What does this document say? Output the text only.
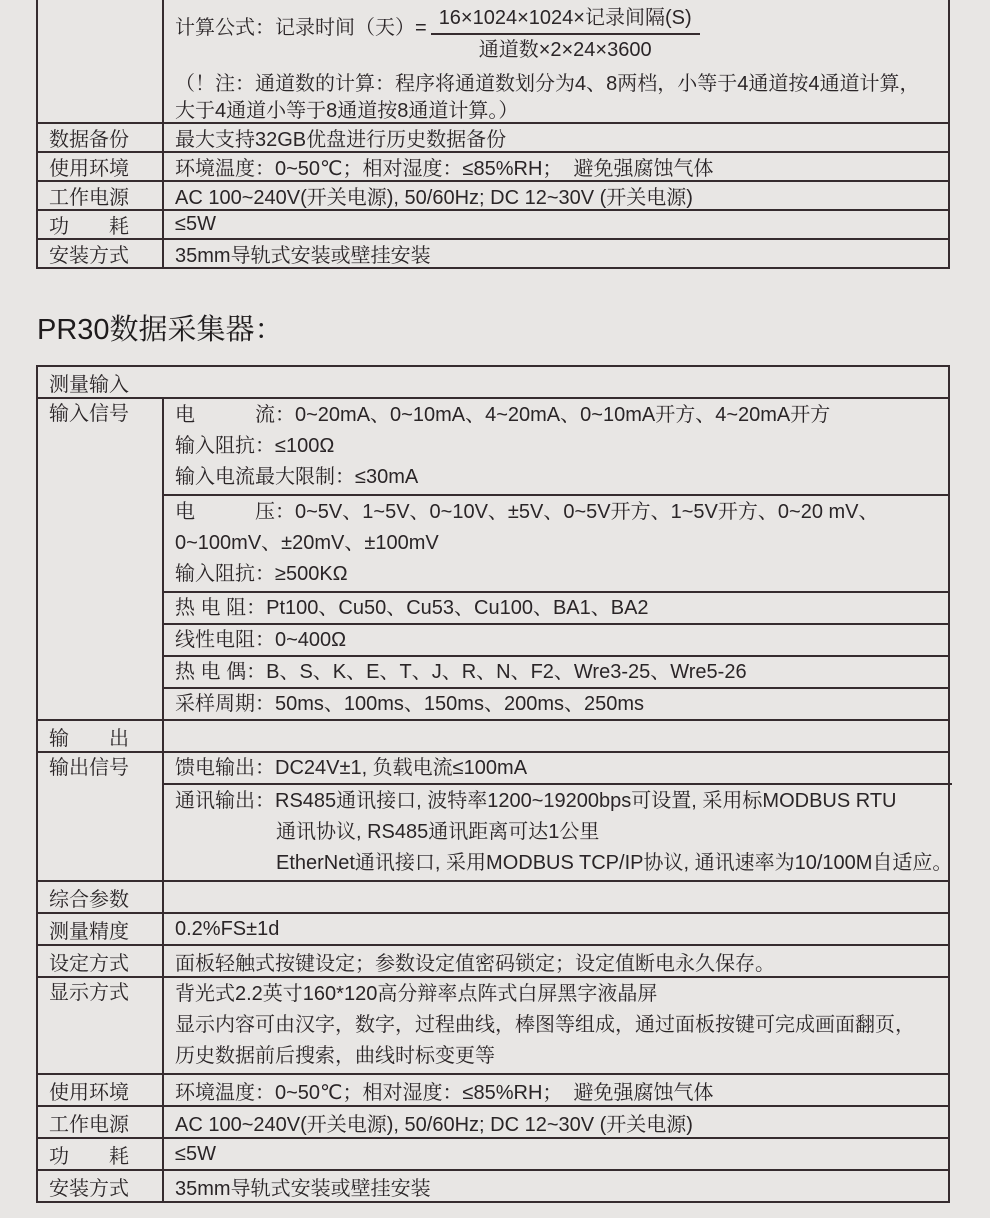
计算公式：记录时间（天）= $\frac{\text{16×1024×1024×记录间隔(S)}}{\text{通道数×2×24×3600}}$
（！注：通道数的计算：程序将通道数划分为4、8两档，小等于4通道按4通道计算，
大于4通道小等于8通道按8通道计算。）
数据备份	最大支持32GB优盘进行历史数据备份
使用环境	环境温度：0~50℃；相对湿度：≤85%RH；  避免强腐蚀气体
工作电源	AC 100~240V(开关电源), 50/60Hz; DC 12~30V (开关电源)
功　　耗	≤5W
安装方式	35mm导轨式安装或壁挂安装
PR30数据采集器：
测量输入
输入信号	电　　　流：0~20mA、0~10mA、4~20mA、0~10mA开方、4~20mA开方
输入阻抗：≤100Ω
输入电流最大限制：≤30mA
电　　　压：0~5V、1~5V、0~10V、±5V、0~5V开方、1~5V开方、0~20 mV、
0~100mV、±20mV、±100mV
输入阻抗：≥500KΩ
热 电 阻：Pt100、Cu50、Cu53、Cu100、BA1、BA2
线性电阻：0~400Ω
热 电 偶：B、S、K、E、T、J、R、N、F2、Wre3-25、Wre5-26
采样周期：50ms、100ms、150ms、200ms、250ms
输　　出
输出信号	馈电输出：DC24V±1, 负载电流≤100mA
通讯输出：RS485通讯接口, 波特率1200~19200bps可设置, 采用标MODBUS RTU
通讯协议, RS485通讯距离可达1公里
EtherNet通讯接口, 采用MODBUS TCP/IP协议, 通讯速率为10/100M自适应。
综合参数
测量精度	0.2%FS±1d
设定方式	面板轻触式按键设定；参数设定值密码锁定；设定值断电永久保存。
显示方式	背光式2.2英寸160*120高分辩率点阵式白屏黑字液晶屏
显示内容可由汉字，数字，过程曲线，棒图等组成，通过面板按键可完成画面翻页，
历史数据前后搜索，曲线时标变更等
使用环境	环境温度：0~50℃；相对湿度：≤85%RH；  避免强腐蚀气体
工作电源	AC 100~240V(开关电源), 50/60Hz; DC 12~30V (开关电源)
功　　耗	≤5W
安装方式	35mm导轨式安装或壁挂安装
